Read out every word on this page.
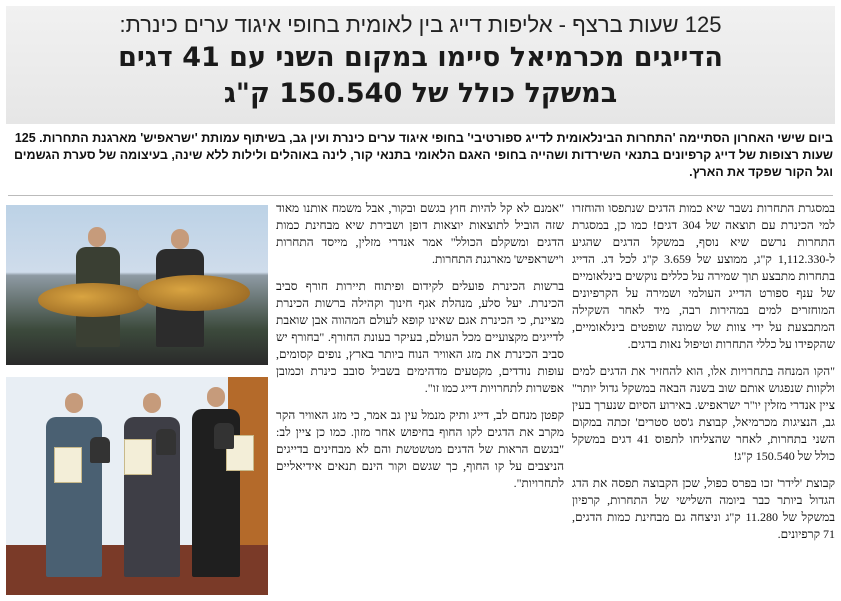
125 שעות ברצף - אליפות דייג בין לאומית בחופי איגוד ערים כינרת:
הדייגים מכרמיאל סיימו במקום השני עם 41 דגים
במשקל כולל של 150.540 ק"ג
ביום שישי האחרון הסתיימה 'התחרות הבינלאומית לדייג ספורטיבי' בחופי איגוד ערים כינרת ועין גב, בשיתוף עמותת 'ישראפיש' מארגנת התחרות. 125 שעות רצופות של דייג קרפיונים בתנאי השירדות ושהייה בחופי האגם הלאומי בתנאי קור, לינה באוהלים ולילות ללא שינה, בעיצומה של סערת הגשמים וגל הקור שפקד את הארץ.

במסגרת התחרות נשבר שיא כמות הדגים שנתפסו והוחזרו למי הכינרת עם תוצאה של 304 דגים! כמו כן, במסגרת התחרות נרשם שיא נוסף, במשקל הדגים שהגיע ל-1,112.330 ק"ג, ממוצע של 3.659 ק"ג לכל דג. הדייג בתחרות מתבצע תוך שמירה על כללים נוקשים בינלאומיים של ענף ספורט הדייג העולמי ושמירה על הקרפיונים המוחזרים למים במהירות רבה, מיד לאחר השקילה המתבצעת על ידי צוות של שמונה שופטים בינלאומיים, שהקפידו על כללי התחרות וטיפול נאות בדגים.

"הקו המנחה בתחרויות אלו, הוא להחזיר את הדגים למים ולקוות שנפגוש אותם שוב בשנה הבאה במשקל גדול יותר" ציין אנדרי מזלין יו"ר ישראפיש. באירוע הסיום שנערך בעין גב, הנציגות מכרמיאל, קבוצת ג'סט סטרים' זכתה במקום השני בתחרות, לאחר שהצליחו לתפוס 41 דגים במשקל כולל של 150.540 ק"ג!

קבוצת 'לידר' זכו בפרס כפול, שכן הקבוצה תפסה את הדג הגדול ביותר כבר ביומה השלישי של התחרות, קרפיון במשקל של 11.280 ק"ג וניצחה גם מבחינת כמות הדגים, 71 קרפיונים.

"אמנם לא קל להיות חוץ בגשם ובקור, אבל משמח אותנו מאוד שזה הוביל לתוצאות יוצאות דופן ושבירת שיא מבחינת כמות הדגים ומשקלם הכולל" אמר אנדרי מזלין, מייסד התחרות ו'ישראפיש' מארגנת התחרות.

ברשות הכינרת פועלים לקידום ופיתוח תיירות חורף סביב הכינרת. יעל סלע, מנהלת אגף חינוך וקהילה ברשות הכינרת מציינת, כי הכינרת אגם שאינו קופא לעולם המהווה אבן שואבת לדייגים מקצועיים מכל העולם, בעיקר בעונת החורף. "בחורף יש סביב הכינרת את מזג האוויר הנוח ביותר בארץ, נופים קסומים, עופות נודדים, מקטעים מדהימים בשביל סובב כינרת וכמובן אפשרות לתחרויות דייג כמו זו".

קפטן מנחם לב, דייג ותיק מנמל עין גב אמר, כי מזג האוויר הקר מקרב את הדגים לקו החוף בחיפוש אחר מזון. כמו כן ציין לב: "בגשם הראות של הדגים מטשטשת והם לא מבחינים בדייגים הניצבים על קו החוף, כך שגשם וקור הינם תנאים אידיאליים לתחרויות".
